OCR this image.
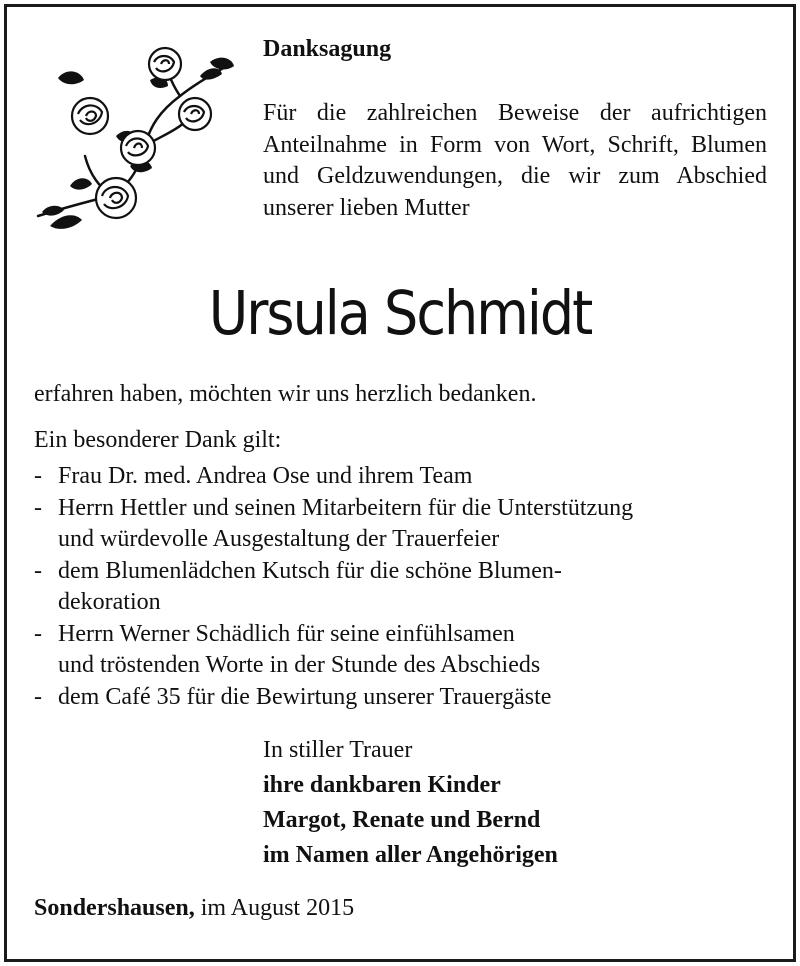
Danksagung
Für die zahlreichen Beweise der aufrichtigen Anteilnahme in Form von Wort, Schrift, Blumen und Geldzuwendungen, die wir zum Abschied unserer lieben Mutter
Ursula Schmidt
erfahren haben, möchten wir uns herzlich bedanken.
Ein besonderer Dank gilt:
- Frau Dr. med. Andrea Ose und ihrem Team
- Herrn Hettler und seinen Mitarbeitern für die Unterstützung
und würdevolle Ausgestaltung der Trauerfeier
- dem Blumenlädchen Kutsch für die schöne Blumen-
dekoration
- Herrn Werner Schädlich für seine einfühlsamen
und tröstenden Worte in der Stunde des Abschieds
- dem Café 35 für die Bewirtung unserer Trauergäste
In stiller Trauer
ihre dankbaren Kinder
Margot, Renate und Bernd
im Namen aller Angehörigen
Sondershausen, im August 2015
